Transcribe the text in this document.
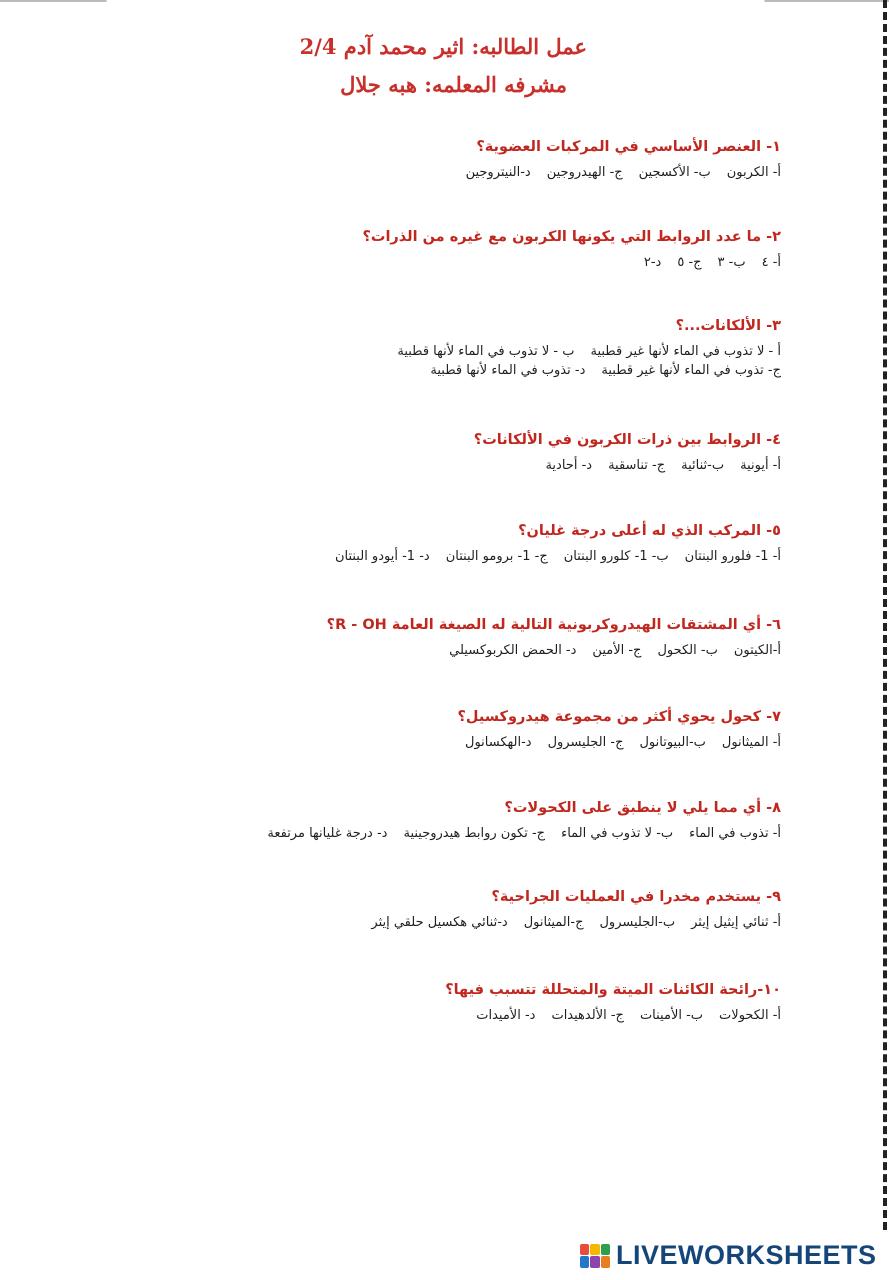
عمل الطالبه: اثير محمد آدم 2/4
مشرفه المعلمه: هبه جلال
١- العنصر الأساسي في المركبات العضوية؟
أ- الكربونب- الأكسجينج- الهيدروجيند-النيتروجين
٢- ما عدد الروابط التي يكونها الكربون مع غيره من الذرات؟
أ- ٤ب- ٣ج- ٥د-٢
٣- الألكانات...؟
أ - لا تذوب في الماء لأنها غير قطبيةب - لا تذوب في الماء لأنها قطبية
ج- تذوب في الماء لأنها غير قطبيةد- تذوب في الماء لأنها قطبية
٤- الروابط بين ذرات الكربون في الألكانات؟
أ- أيونيةب-ثنائيةج- تناسقيةد- أحادية
٥- المركب الذي له أعلى درجة غليان؟
أ- 1- فلورو البنتانب- 1- كلورو البنتانج- 1- برومو البنتاند- 1- أيودو البنتان
٦- أي المشتقات الهيدروكربونية التالية له الصيغة العامة R - OH؟
أ-الكيتونب- الكحولج- الأميند- الحمض الكربوكسيلي
٧- كحول يحوي أكثر من مجموعة هيدروكسيل؟
أ- الميثانولب-البيوتانولج- الجليسرولد-الهكسانول
٨- أي مما يلي لا ينطبق على الكحولات؟
أ- تذوب في الماءب- لا تذوب في الماءج- تكون روابط هيدروجينيةد- درجة غليانها مرتفعة
٩- يستخدم مخدرا في العمليات الجراحية؟
أ- ثنائي إيثيل إيثرب-الجليسرولج-الميثانولد-ثنائي هكسيل حلقي إيثر
١٠-رائحة الكائنات الميتة والمتحللة تتسبب فيها؟
أ- الكحولاتب- الأميناتج- الألدهيداتد- الأميدات
LIVEWORKSHEETS
